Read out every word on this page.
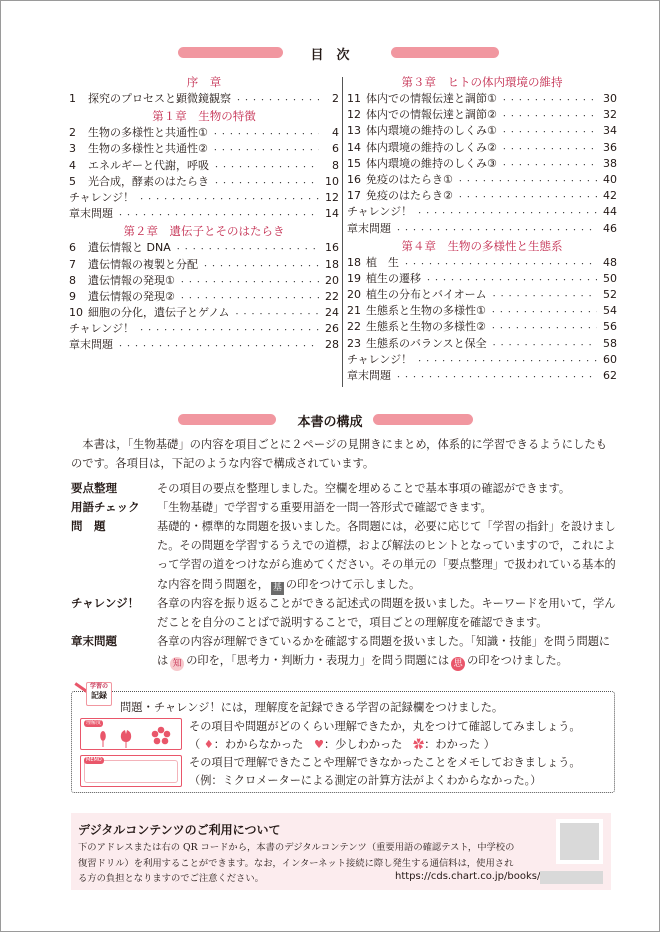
目　次
序　章
1	探究のプロセスと顕微鏡観察 ・・・・・・・・・・・・・・・・・・・・・・・・・・・・・・・・・・・・・・・・・・・	2
第１章　生物の特徴
2	生物の多様性と共通性① ・・・・・・・・・・・・・・・・・・・・・・・・・・・・・・・・・・・・・・・・・・・	4
3	生物の多様性と共通性② ・・・・・・・・・・・・・・・・・・・・・・・・・・・・・・・・・・・・・・・・・・・	6
4	エネルギーと代謝，呼吸 ・・・・・・・・・・・・・・・・・・・・・・・・・・・・・・・・・・・・・・・・・・・	8
5	光合成，酵素のはたらき ・・・・・・・・・・・・・・・・・・・・・・・・・・・・・・・・・・・・・・・・・・・	10
チャレンジ！ ・・・・・・・・・・・・・・・・・・・・・・・・・・・・・・・・・・・・・・・・・・・	12
章末問題 ・・・・・・・・・・・・・・・・・・・・・・・・・・・・・・・・・・・・・・・・・・・	14
第２章　遺伝子とそのはたらき
6	遺伝情報と DNA ・・・・・・・・・・・・・・・・・・・・・・・・・・・・・・・・・・・・・・・・・・・	16
7	遺伝情報の複製と分配 ・・・・・・・・・・・・・・・・・・・・・・・・・・・・・・・・・・・・・・・・・・・	18
8	遺伝情報の発現① ・・・・・・・・・・・・・・・・・・・・・・・・・・・・・・・・・・・・・・・・・・・	20
9	遺伝情報の発現② ・・・・・・・・・・・・・・・・・・・・・・・・・・・・・・・・・・・・・・・・・・・	22
10 細胞の分化，遺伝子とゲノム ・・・・・・・・・・・・・・・・・・・・・・・・・・・・・・・・・・・・・・・・・・・	24
チャレンジ！ ・・・・・・・・・・・・・・・・・・・・・・・・・・・・・・・・・・・・・・・・・・・	26
章末問題 ・・・・・・・・・・・・・・・・・・・・・・・・・・・・・・・・・・・・・・・・・・・	28
第３章　ヒトの体内環境の維持
11 体内での情報伝達と調節① ・・・・・・・・・・・・・・・・・・・・・・・・・・・・・・・・・・・・・・・・・・・	30
12 体内での情報伝達と調節② ・・・・・・・・・・・・・・・・・・・・・・・・・・・・・・・・・・・・・・・・・・・	32
13 体内環境の維持のしくみ① ・・・・・・・・・・・・・・・・・・・・・・・・・・・・・・・・・・・・・・・・・・・	34
14 体内環境の維持のしくみ② ・・・・・・・・・・・・・・・・・・・・・・・・・・・・・・・・・・・・・・・・・・・	36
15 体内環境の維持のしくみ③ ・・・・・・・・・・・・・・・・・・・・・・・・・・・・・・・・・・・・・・・・・・・	38
16 免疫のはたらき① ・・・・・・・・・・・・・・・・・・・・・・・・・・・・・・・・・・・・・・・・・・・	40
17 免疫のはたらき② ・・・・・・・・・・・・・・・・・・・・・・・・・・・・・・・・・・・・・・・・・・・	42
チャレンジ！ ・・・・・・・・・・・・・・・・・・・・・・・・・・・・・・・・・・・・・・・・・・・	44
章末問題 ・・・・・・・・・・・・・・・・・・・・・・・・・・・・・・・・・・・・・・・・・・・	46
第４章　生物の多様性と生態系
18 植　生 ・・・・・・・・・・・・・・・・・・・・・・・・・・・・・・・・・・・・・・・・・・・	48
19 植生の遷移 ・・・・・・・・・・・・・・・・・・・・・・・・・・・・・・・・・・・・・・・・・・・	50
20 植生の分布とバイオーム ・・・・・・・・・・・・・・・・・・・・・・・・・・・・・・・・・・・・・・・・・・・	52
21 生態系と生物の多様性① ・・・・・・・・・・・・・・・・・・・・・・・・・・・・・・・・・・・・・・・・・・・	54
22 生態系と生物の多様性② ・・・・・・・・・・・・・・・・・・・・・・・・・・・・・・・・・・・・・・・・・・・	56
23 生態系のバランスと保全 ・・・・・・・・・・・・・・・・・・・・・・・・・・・・・・・・・・・・・・・・・・・	58
チャレンジ！ ・・・・・・・・・・・・・・・・・・・・・・・・・・・・・・・・・・・・・・・・・・・	60
章末問題 ・・・・・・・・・・・・・・・・・・・・・・・・・・・・・・・・・・・・・・・・・・・	62
本書の構成
本書は，「生物基礎」の内容を項目ごとに２ページの見開きにまとめ，体系的に学習できるようにしたものです。各項目は，下記のような内容で構成されています。
要点整理	その項目の要点を整理しました。空欄を埋めることで基本事項の確認ができます。
用語チェック 「生物基礎」で学習する重要用語を一問一答形式で確認できます。
問　題	基礎的・標準的な問題を扱いました。各問題には，必要に応じて「学習の指針」を設けました。その問題を学習するうえでの道標，および解法のヒントとなっていますので，これによって学習の道をつけながら進めてください。その単元の「要点整理」で扱われている基本的な内容を問う問題を， 基 の印をつけて示しました。
チャレンジ！ 各章の内容を振り返ることができる記述式の問題を扱いました。キーワードを用いて，学んだことを自分のことばで説明することで，項目ごとの理解度を確認できます。
章末問題	各章の内容が理解できているかを確認する問題を扱いました。「知識・技能」を問う問題には 知 の印を，「思考力・判断力・表現力」を問う問題には 思 の印をつけました。
学習の
記録
問題・チャレンジ！には，理解度を記録できる学習の記録欄をつけました。
理解度	その項目や問題がどのくらい理解できたか，丸をつけて確認してみましょう。
（ ♦：わからなかった ♥：少しわかった ✿：わかった ）
MEMO	その項目で理解できたことや理解できなかったことをメモしておきましょう。
（例：ミクロメーターによる測定の計算方法がよくわからなかった。）
デジタルコンテンツのご利用について
下のアドレスまたは右の QR コードから，本書のデジタルコンテンツ（重要用語の確認テスト，中学校の復習ドリル）を利用することができます。なお，インターネット接続に際し発生する通信料は，使用される方の負担となりますのでご注意ください。	https://cds.chart.co.jp/books/
